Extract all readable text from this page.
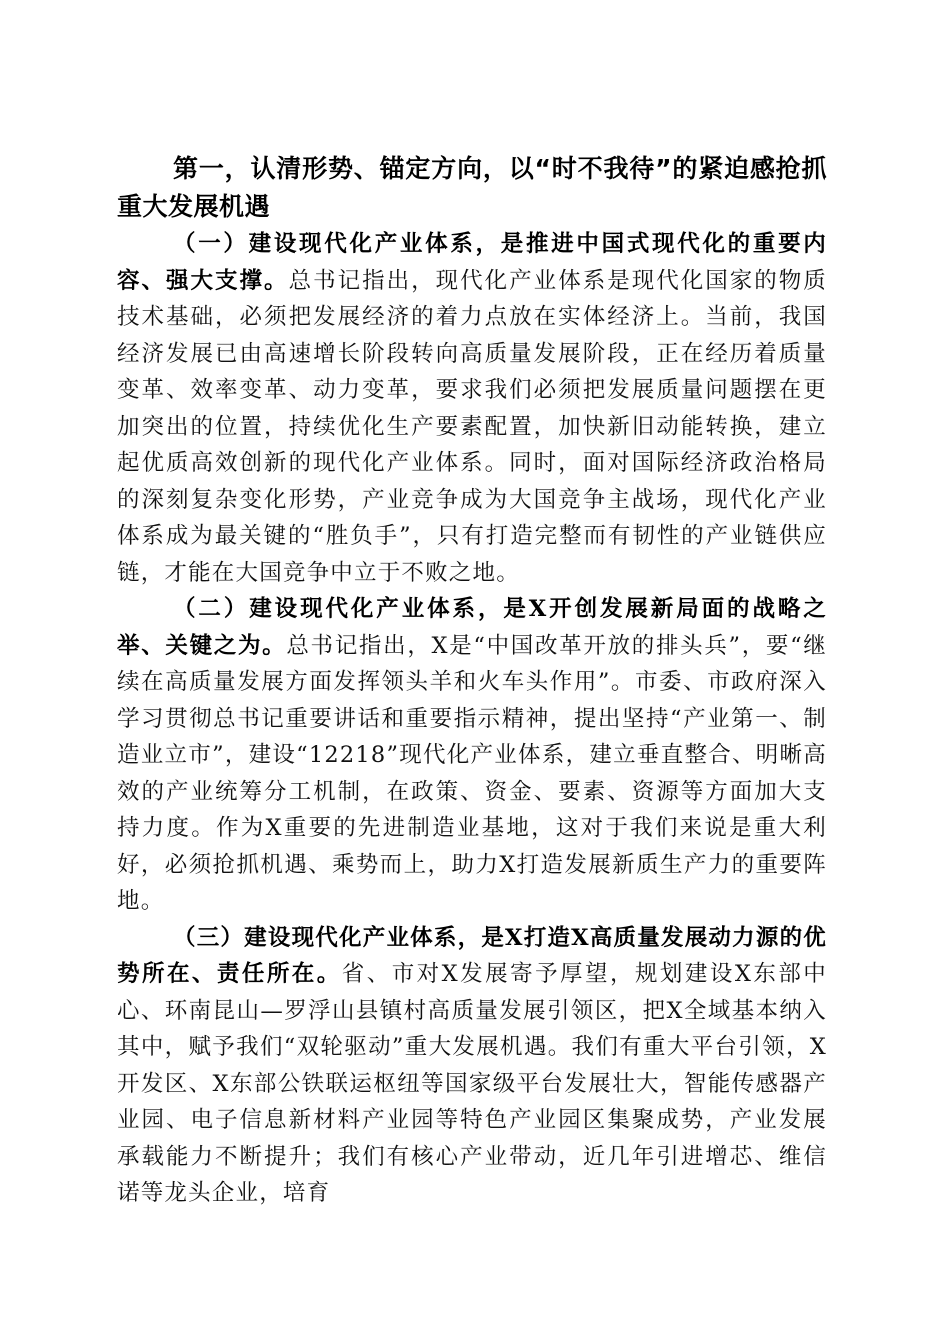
第一，认清形势、锚定方向，以“时不我待”的紧迫感抢抓重大发展机遇

（一）建设现代化产业体系，是推进中国式现代化的重要内容、强大支撑。总书记指出，现代化产业体系是现代化国家的物质技术基础，必须把发展经济的着力点放在实体经济上。当前，我国经济发展已由高速增长阶段转向高质量发展阶段，正在经历着质量变革、效率变革、动力变革，要求我们必须把发展质量问题摆在更加突出的位置，持续优化生产要素配置，加快新旧动能转换，建立起优质高效创新的现代化产业体系。同时，面对国际经济政治格局的深刻复杂变化形势，产业竞争成为大国竞争主战场，现代化产业体系成为最关键的“胜负手”，只有打造完整而有韧性的产业链供应链，才能在大国竞争中立于不败之地。

（二）建设现代化产业体系，是X开创发展新局面的战略之举、关键之为。总书记指出，X是“中国改革开放的排头兵”，要“继续在高质量发展方面发挥领头羊和火车头作用”。市委、市政府深入学习贯彻总书记重要讲话和重要指示精神，提出坚持“产业第一、制造业立市”，建设“12218”现代化产业体系，建立垂直整合、明晰高效的产业统筹分工机制，在政策、资金、要素、资源等方面加大支持力度。作为X重要的先进制造业基地，这对于我们来说是重大利好，必须抢抓机遇、乘势而上，助力X打造发展新质生产力的重要阵地。

（三）建设现代化产业体系，是X打造X高质量发展动力源的优势所在、责任所在。省、市对X发展寄予厚望，规划建设X东部中心、环南昆山—罗浮山县镇村高质量发展引领区，把X全域基本纳入其中，赋予我们“双轮驱动”重大发展机遇。我们有重大平台引领，X开发区、X东部公铁联运枢纽等国家级平台发展壮大，智能传感器产业园、电子信息新材料产业园等特色产业园区集聚成势，产业发展承载能力不断提升；我们有核心产业带动，近几年引进增芯、维信诺等龙头企业，培育
